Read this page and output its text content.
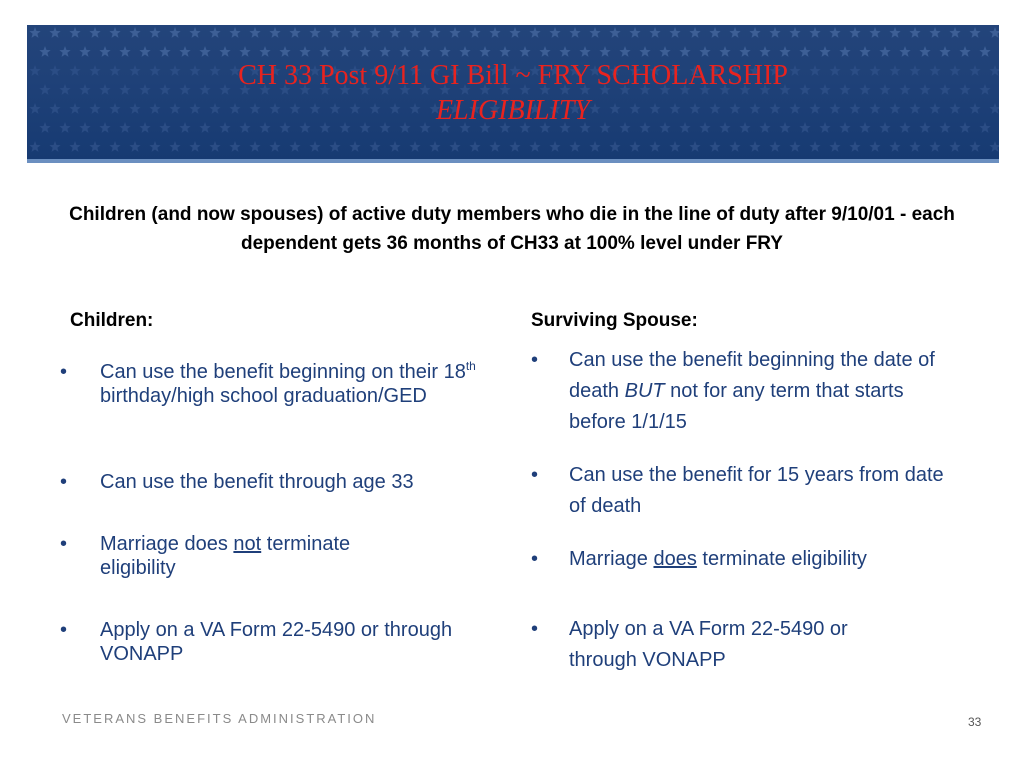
CH 33 Post 9/11 GI Bill ~ FRY SCHOLARSHIP
ELIGIBILITY
Children (and now spouses) of active duty members who die in the line of duty after 9/10/01 - each dependent gets 36 months of CH33 at 100% level under FRY
Children:
• Can use the benefit beginning on their 18th birthday/high school graduation/GED
• Can use the benefit through age 33
• Marriage does not terminate eligibility
• Apply on a VA Form 22-5490 or through VONAPP
Surviving Spouse:
• Can use the benefit beginning the date of death BUT not for any term that starts before 1/1/15
• Can use the benefit for 15 years from date of death
• Marriage does terminate eligibility
• Apply on a VA Form 22-5490 or through VONAPP
VETERANS BENEFITS ADMINISTRATION	33
